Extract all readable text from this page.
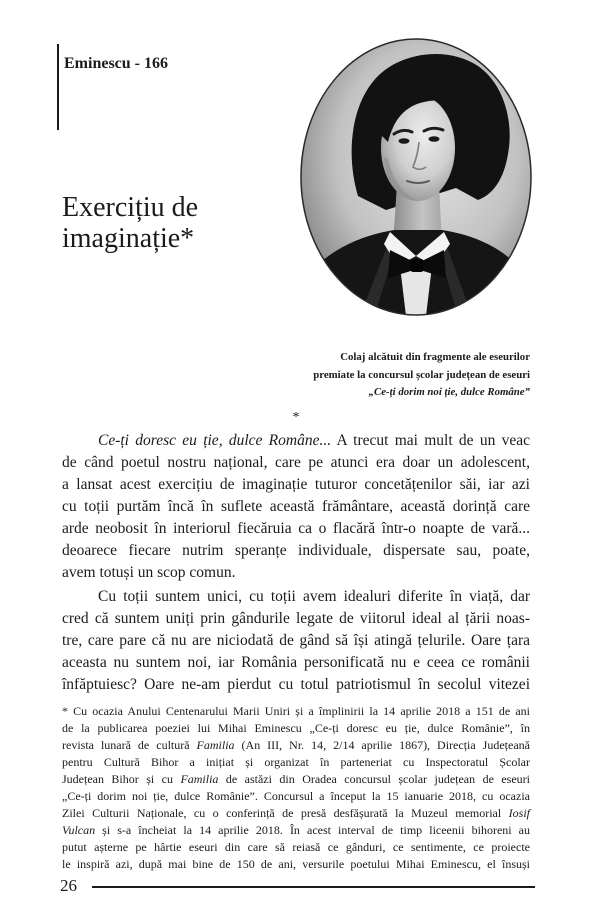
Eminescu - 166
Exercițiu de
imaginație*
Colaj alcătuit din fragmente ale eseurilor
premiate la concursul școlar județean de eseuri
„Ce-ți dorim noi ție, dulce Române”
*
Ce-ți doresc eu ție, dulce Române... A trecut mai mult de un veac
de când poetul nostru național, care pe atunci era doar un adolescent,
a lansat acest exercițiu de imaginație tuturor concetățenilor săi, iar azi
cu toții purtăm încă în suflete această frământare, această dorință care
arde neobosit în interiorul fiecăruia ca o flacără într-o noapte de vară...
deoarece fiecare nutrim speranțe individuale, dispersate sau, poate,
avem totuși un scop comun.
Cu toții suntem unici, cu toții avem idealuri diferite în viață, dar
cred că suntem uniți prin gândurile legate de viitorul ideal al țării noas-
tre, care pare că nu are niciodată de gând să își atingă țelurile. Oare țara
aceasta nu suntem noi, iar România personificată nu e ceea ce românii
înfăptuiesc? Oare ne-am pierdut cu totul patriotismul în secolul vitezei
* Cu ocazia Anului Centenarului Marii Uniri și a împlinirii la 14 aprilie 2018 a 151 de ani
de la publicarea poeziei lui Mihai Eminescu „Ce-ți doresc eu ție, dulce Românie”, în
revista lunară de cultură Familia (An III, Nr. 14, 2/14 aprilie 1867), Direcția Județeană
pentru Cultură Bihor a inițiat și organizat în parteneriat cu Inspectoratul Școlar
Județean Bihor și cu Familia de astăzi din Oradea concursul școlar județean de eseuri
„Ce-ți dorim noi ție, dulce Românie”. Concursul a început la 15 ianuarie 2018, cu ocazia
Zilei Culturii Naționale, cu o conferință de presă desfășurată la Muzeul memorial Iosif
Vulcan și s-a încheiat la 14 aprilie 2018. În acest interval de timp liceenii bihoreni au
putut așterne pe hârtie eseuri din care să reiasă ce gânduri, ce sentimente, ce proiecte
le inspiră azi, după mai bine de 150 de ani, versurile poetului Mihai Eminescu, el însuși
26
